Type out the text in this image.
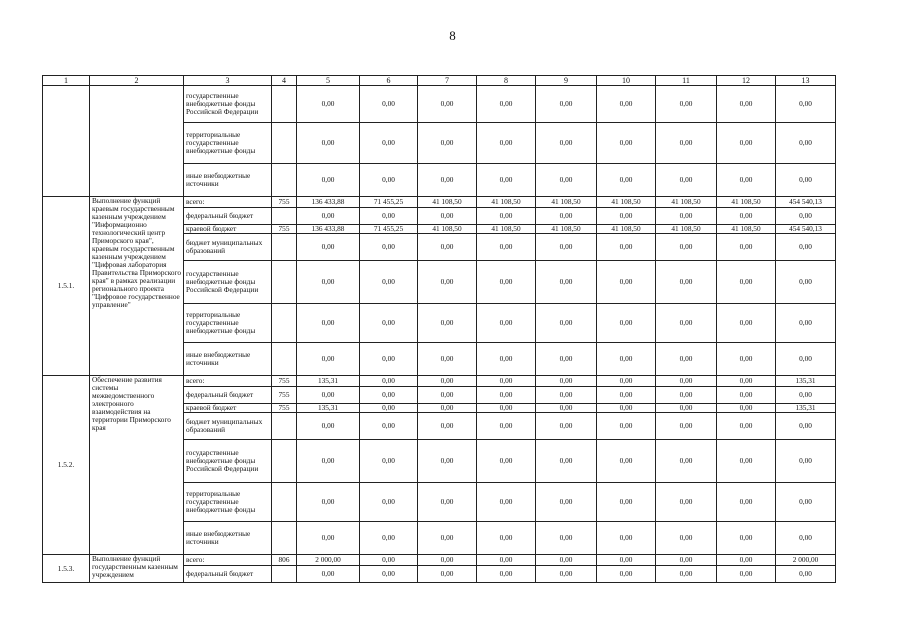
8
1	2	3	4	5	6	7	8	9	10	11	12	13
		государственные внебюджетные фонды Российской Федерации		0,00	0,00	0,00	0,00	0,00	0,00	0,00	0,00	0,00
		территориальные государственные внебюджетные фонды		0,00	0,00	0,00	0,00	0,00	0,00	0,00	0,00	0,00
		иные внебюджетные источники		0,00	0,00	0,00	0,00	0,00	0,00	0,00	0,00	0,00
1.5.1.	Выполнение функций краевым государственным казенным учреждением "Информационно технологический центр Приморского края", краевым государственным казенным учреждением "Цифровая лаборатория Правительства Приморского края" в рамках реализации регионального проекта "Цифровое государственное управление"	всего:	755	136 433,88	71 455,25	41 108,50	41 108,50	41 108,50	41 108,50	41 108,50	41 108,50	454 540,13
		федеральный бюджет		0,00	0,00	0,00	0,00	0,00	0,00	0,00	0,00	0,00
		краевой бюджет	755	136 433,88	71 455,25	41 108,50	41 108,50	41 108,50	41 108,50	41 108,50	41 108,50	454 540,13
		бюджет муниципальных образований		0,00	0,00	0,00	0,00	0,00	0,00	0,00	0,00	0,00
		государственные внебюджетные фонды Российской Федерации		0,00	0,00	0,00	0,00	0,00	0,00	0,00	0,00	0,00
		территориальные государственные внебюджетные фонды		0,00	0,00	0,00	0,00	0,00	0,00	0,00	0,00	0,00
		иные внебюджетные источники		0,00	0,00	0,00	0,00	0,00	0,00	0,00	0,00	0,00
1.5.2.	Обеспечение развития системы межведомственного электронного взаимодействия на территории Приморского края	всего:	755	135,31	0,00	0,00	0,00	0,00	0,00	0,00	0,00	135,31
		федеральный бюджет	755	0,00	0,00	0,00	0,00	0,00	0,00	0,00	0,00	0,00
		краевой бюджет	755	135,31	0,00	0,00	0,00	0,00	0,00	0,00	0,00	135,31
		бюджет муниципальных образований		0,00	0,00	0,00	0,00	0,00	0,00	0,00	0,00	0,00
		государственные внебюджетные фонды Российской Федерации		0,00	0,00	0,00	0,00	0,00	0,00	0,00	0,00	0,00
		территориальные государственные внебюджетные фонды		0,00	0,00	0,00	0,00	0,00	0,00	0,00	0,00	0,00
		иные внебюджетные источники		0,00	0,00	0,00	0,00	0,00	0,00	0,00	0,00	0,00
1.5.3.	Выполнение функций государственным казенным учреждением	всего:	806	2 000,00	0,00	0,00	0,00	0,00	0,00	0,00	0,00	2 000,00
		федеральный бюджет		0,00	0,00	0,00	0,00	0,00	0,00	0,00	0,00	0,00
